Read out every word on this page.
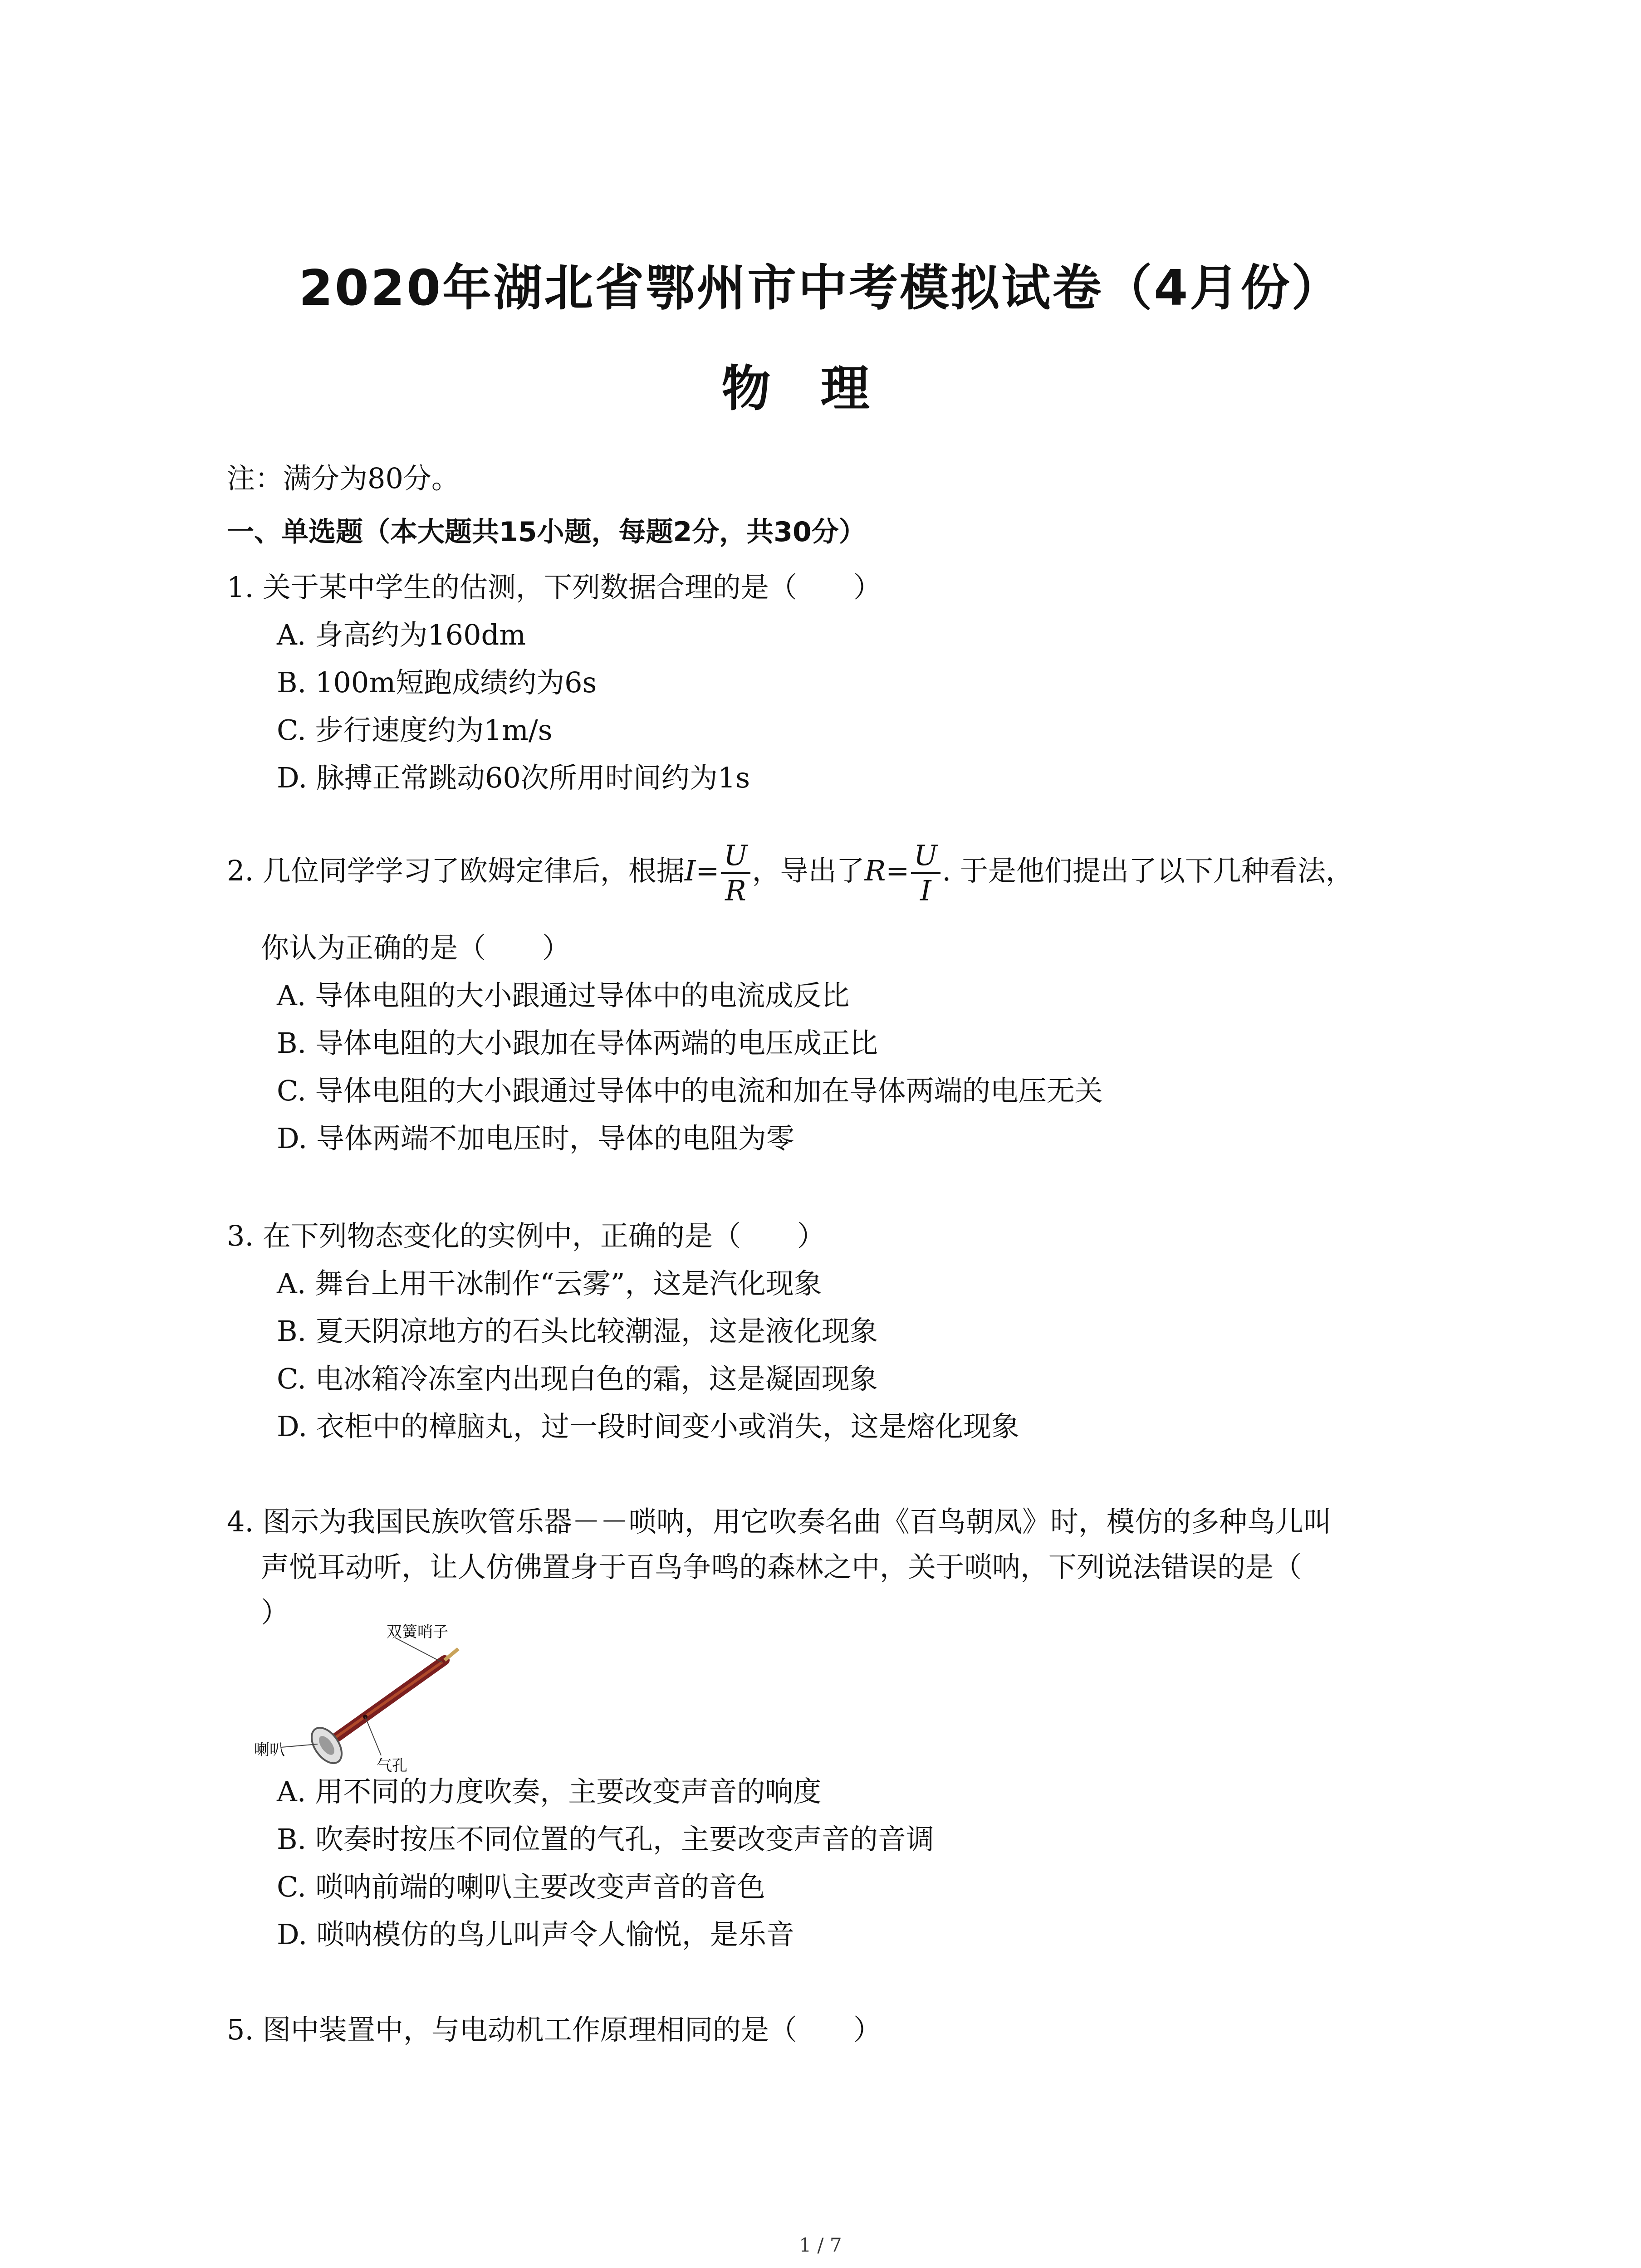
2020年湖北省鄂州市中考模拟试卷（4月份）
物理
注：满分为80分。
一、单选题（本大题共15小题，每题2分，共30分）
1. 关于某中学生的估测，下列数据合理的是（　　）
A. 身高约为160dm
B. 100m短跑成绩约为6s
C. 步行速度约为1m/s
D. 脉搏正常跳动60次所用时间约为1s
2. 几位同学学习了欧姆定律后，根据$I= \frac{U}{R}$ ，导出了$R= \frac{U}{I}$ . 于是他们提出了以下几种看法，
你认为正确的是（　　）
A. 导体电阻的大小跟通过导体中的电流成反比
B. 导体电阻的大小跟加在导体两端的电压成正比
C. 导体电阻的大小跟通过导体中的电流和加在导体两端的电压无关
D. 导体两端不加电压时，导体的电阻为零
3. 在下列物态变化的实例中，正确的是（　　）
A. 舞台上用干冰制作“云雾”，这是汽化现象
B. 夏天阴凉地方的石头比较潮湿，这是液化现象
C. 电冰箱冷冻室内出现白色的霜，这是凝固现象
D. 衣柜中的樟脑丸，过一段时间变小或消失，这是熔化现象
4. 图示为我国民族吹管乐器－－唢呐，用它吹奏名曲《百鸟朝凤》时，模仿的多种鸟儿叫
声悦耳动听，让人仿佛置身于百鸟争鸣的森林之中，关于唢呐，下列说法错误的是（
）
双簧哨子
喇叭
气孔
A. 用不同的力度吹奏，主要改变声音的响度
B. 吹奏时按压不同位置的气孔，主要改变声音的音调
C. 唢呐前端的喇叭主要改变声音的音色
D. 唢呐模仿的鸟儿叫声令人愉悦，是乐音
5. 图中装置中，与电动机工作原理相同的是（　　）
1 / 7
